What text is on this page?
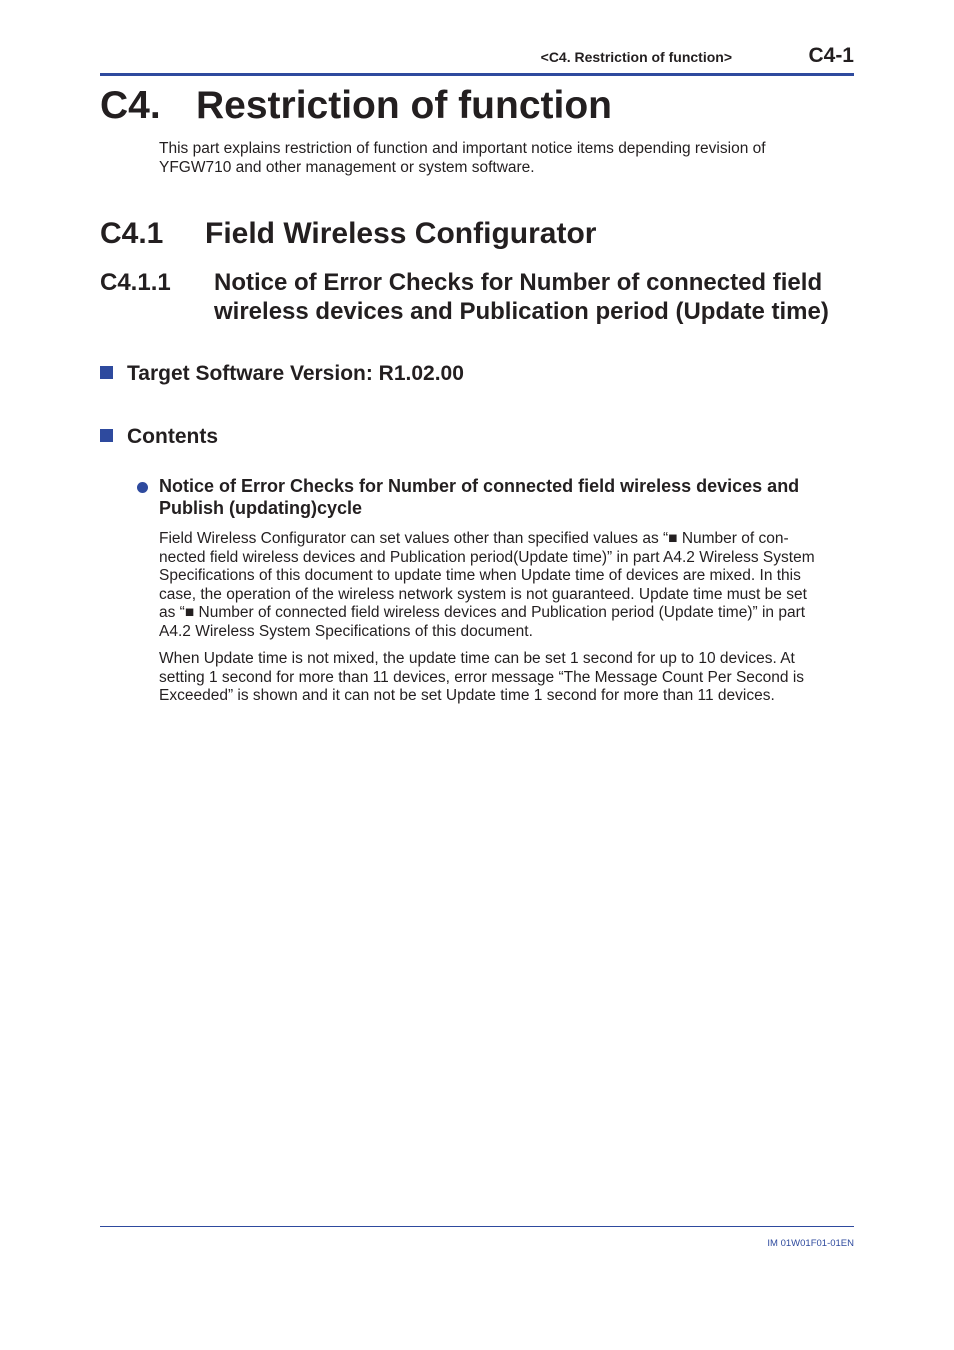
<C4. Restriction of function>	C4-1
C4. Restriction of function
This part explains restriction of function and important notice items depending revision of YFGW710 and other management or system software.
C4.1 Field Wireless Configurator
C4.1.1 Notice of Error Checks for Number of connected field
wireless devices and Publication period (Update time)
Target Software Version: R1.02.00
Contents
Notice of Error Checks for Number of connected field wireless devices and
Publish (updating)cycle
Field Wireless Configurator can set values other than specified values as “■ Number of con-
nected field wireless devices and Publication period(Update time)” in part A4.2 Wireless System
Specifications of this document to update time when Update time of devices are mixed. In this
case, the operation of the wireless network system is not guaranteed. Update time must be set
as “■ Number of connected field wireless devices and Publication period (Update time)” in part
A4.2 Wireless System Specifications of this document.
When Update time is not mixed, the update time can be set 1 second for up to 10 devices. At
setting 1 second for more than 11 devices, error message “The Message Count Per Second is
Exceeded” is shown and it can not be set Update time 1 second for more than 11 devices.
IM 01W01F01-01EN
